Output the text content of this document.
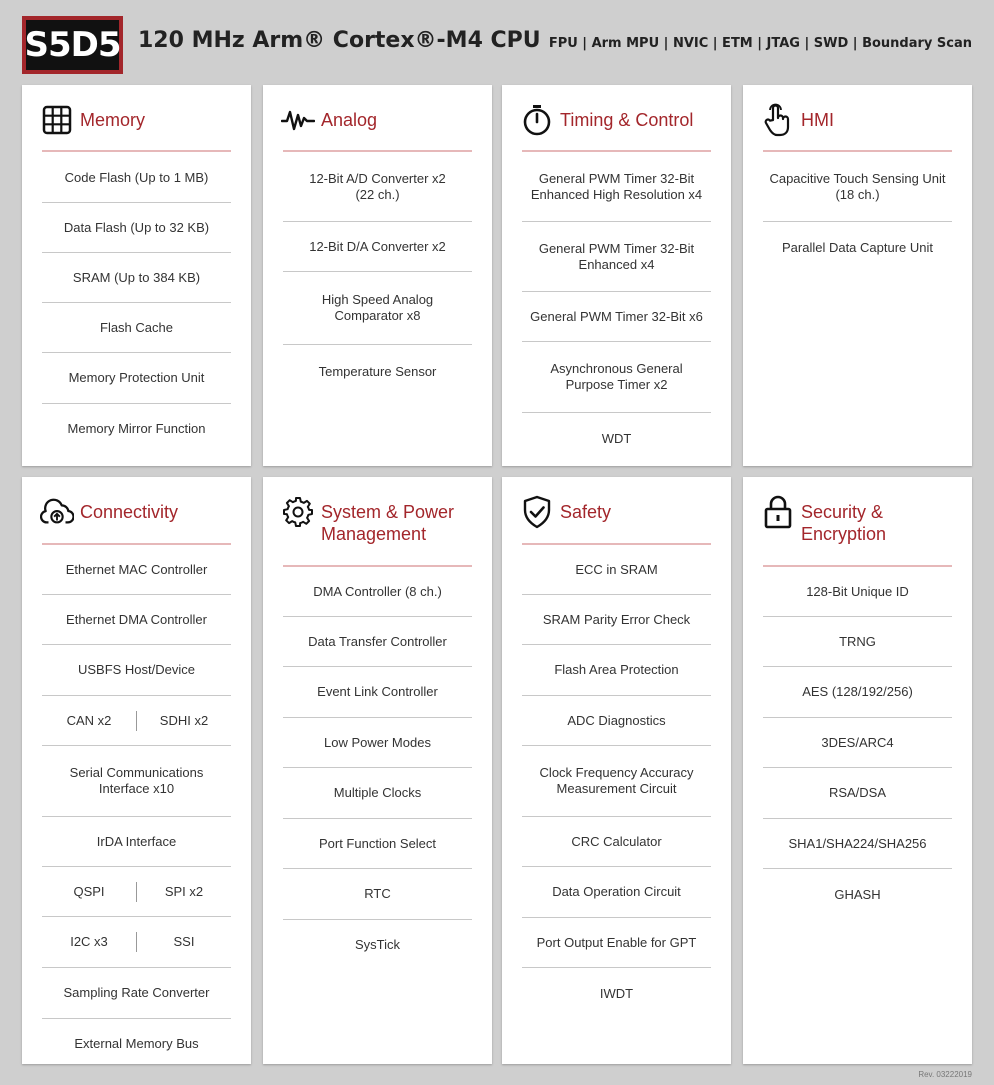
S5D5 120 MHz Arm® Cortex®-M4 CPU FPU | Arm MPU | NVIC | ETM | JTAG | SWD | Boundary Scan
Memory
Code Flash (Up to 1 MB)
Data Flash (Up to 32 KB)
SRAM (Up to 384 KB)
Flash Cache
Memory Protection Unit
Memory Mirror Function
Analog
12-Bit A/D Converter x2
(22 ch.)
12-Bit D/A Converter x2
High Speed Analog
Comparator x8
Temperature Sensor
Timing & Control
General PWM Timer 32-Bit
Enhanced High Resolution x4
General PWM Timer 32-Bit
Enhanced x4
General PWM Timer 32-Bit x6
Asynchronous General
Purpose Timer x2
WDT
HMI
Capacitive Touch Sensing Unit
(18 ch.)
Parallel Data Capture Unit
Connectivity
Ethernet MAC Controller
Ethernet DMA Controller
USBFS Host/Device
CAN x2	SDHI x2
Serial Communications
Interface x10
IrDA Interface
QSPI	SPI x2
I2C x3	SSI
Sampling Rate Converter
External Memory Bus
System & Power
Management
DMA Controller (8 ch.)
Data Transfer Controller
Event Link Controller
Low Power Modes
Multiple Clocks
Port Function Select
RTC
SysTick
Safety
ECC in SRAM
SRAM Parity Error Check
Flash Area Protection
ADC Diagnostics
Clock Frequency Accuracy
Measurement Circuit
CRC Calculator
Data Operation Circuit
Port Output Enable for GPT
IWDT
Security &
Encryption
128-Bit Unique ID
TRNG
AES (128/192/256)
3DES/ARC4
RSA/DSA
SHA1/SHA224/SHA256
GHASH
Rev. 03222019
